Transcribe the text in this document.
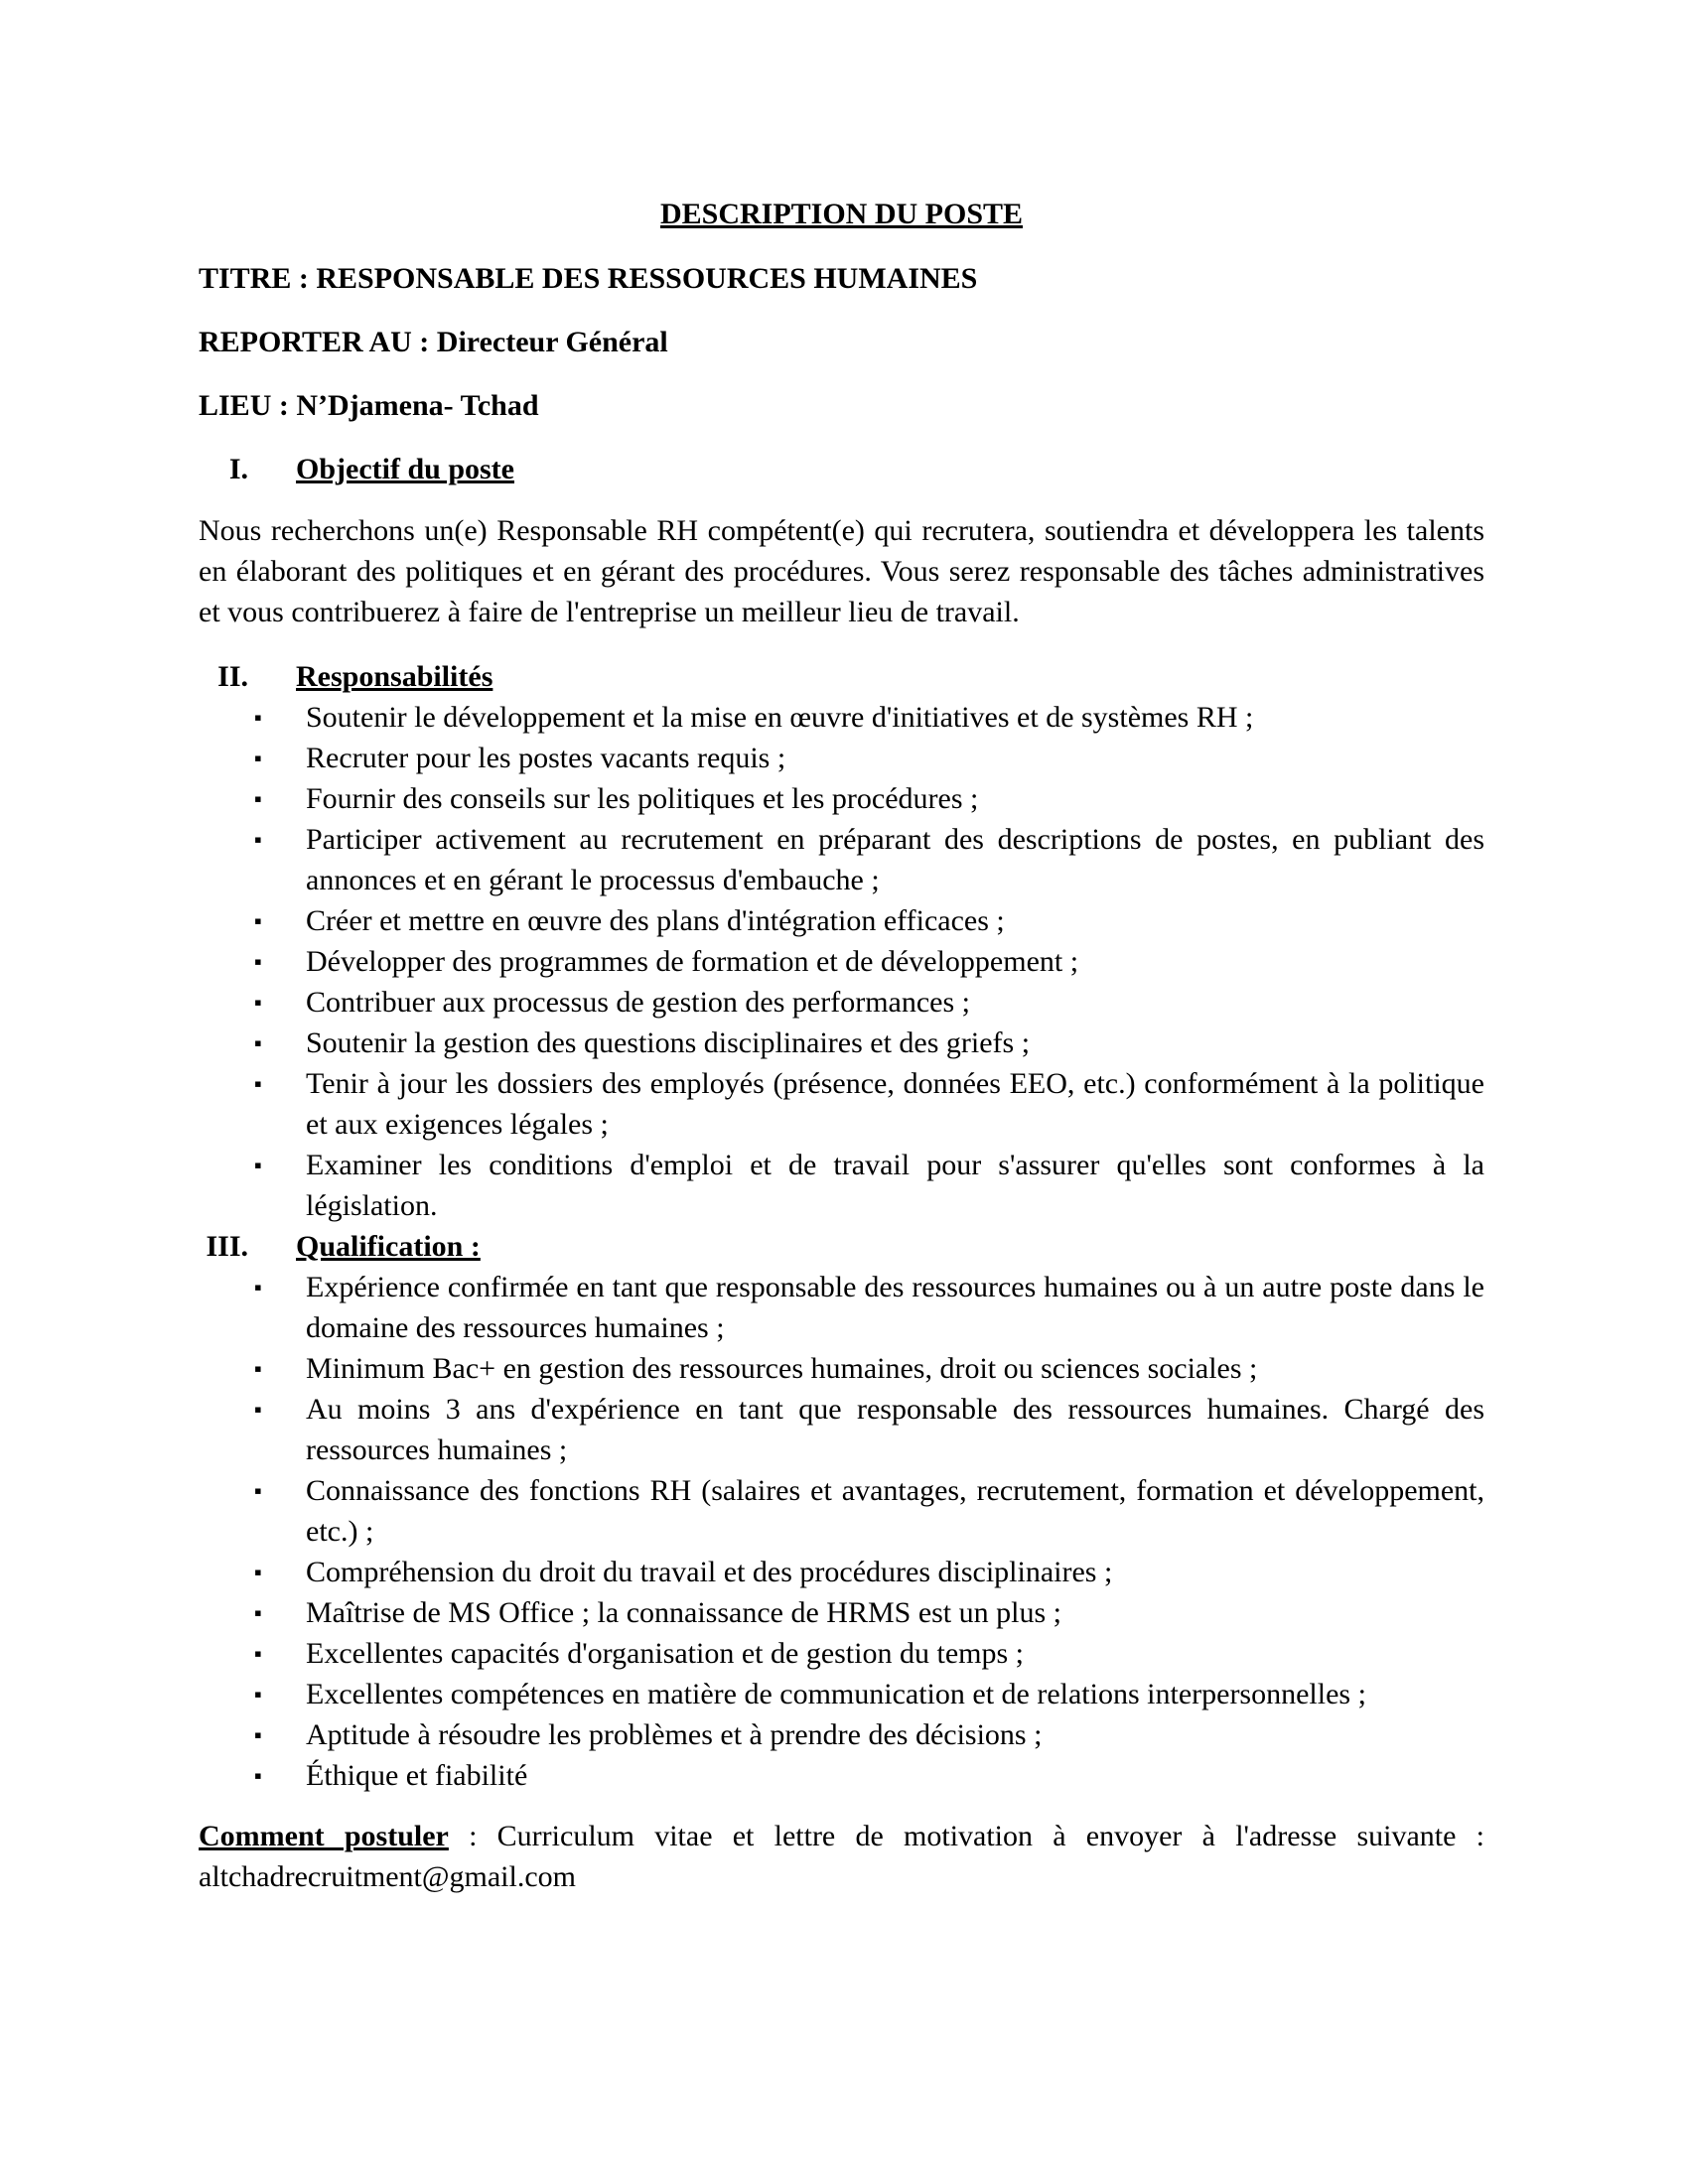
DESCRIPTION DU POSTE
TITRE : RESPONSABLE DES RESSOURCES HUMAINES
REPORTER AU : Directeur Général
LIEU : N’Djamena- Tchad
I. Objectif du poste

Nous recherchons un(e) Responsable RH compétent(e) qui recrutera, soutiendra et développera les talents en élaborant des politiques et en gérant des procédures. Vous serez responsable des tâches administratives et vous contribuerez à faire de l'entreprise un meilleur lieu de travail.

II. Responsabilités
▪ Soutenir le développement et la mise en œuvre d'initiatives et de systèmes RH ;
▪ Recruter pour les postes vacants requis ;
▪ Fournir des conseils sur les politiques et les procédures ;
▪ Participer activement au recrutement en préparant des descriptions de postes, en publiant des annonces et en gérant le processus d'embauche ;
▪ Créer et mettre en œuvre des plans d'intégration efficaces ;
▪ Développer des programmes de formation et de développement ;
▪ Contribuer aux processus de gestion des performances ;
▪ Soutenir la gestion des questions disciplinaires et des griefs ;
▪ Tenir à jour les dossiers des employés (présence, données EEO, etc.) conformément à la politique et aux exigences légales ;
▪ Examiner les conditions d'emploi et de travail pour s'assurer qu'elles sont conformes à la législation.
III. Qualification :
▪ Expérience confirmée en tant que responsable des ressources humaines ou à un autre poste dans le domaine des ressources humaines ;
▪ Minimum Bac+ en gestion des ressources humaines, droit ou sciences sociales ;
▪ Au moins 3 ans d'expérience en tant que responsable des ressources humaines. Chargé des ressources humaines ;
▪ Connaissance des fonctions RH (salaires et avantages, recrutement, formation et développement, etc.) ;
▪ Compréhension du droit du travail et des procédures disciplinaires ;
▪ Maîtrise de MS Office ; la connaissance de HRMS est un plus ;
▪ Excellentes capacités d'organisation et de gestion du temps ;
▪ Excellentes compétences en matière de communication et de relations interpersonnelles ;
▪ Aptitude à résoudre les problèmes et à prendre des décisions ;
▪ Éthique et fiabilité

Comment postuler : Curriculum vitae et lettre de motivation à envoyer à l'adresse suivante : altchadrecruitment@gmail.com
